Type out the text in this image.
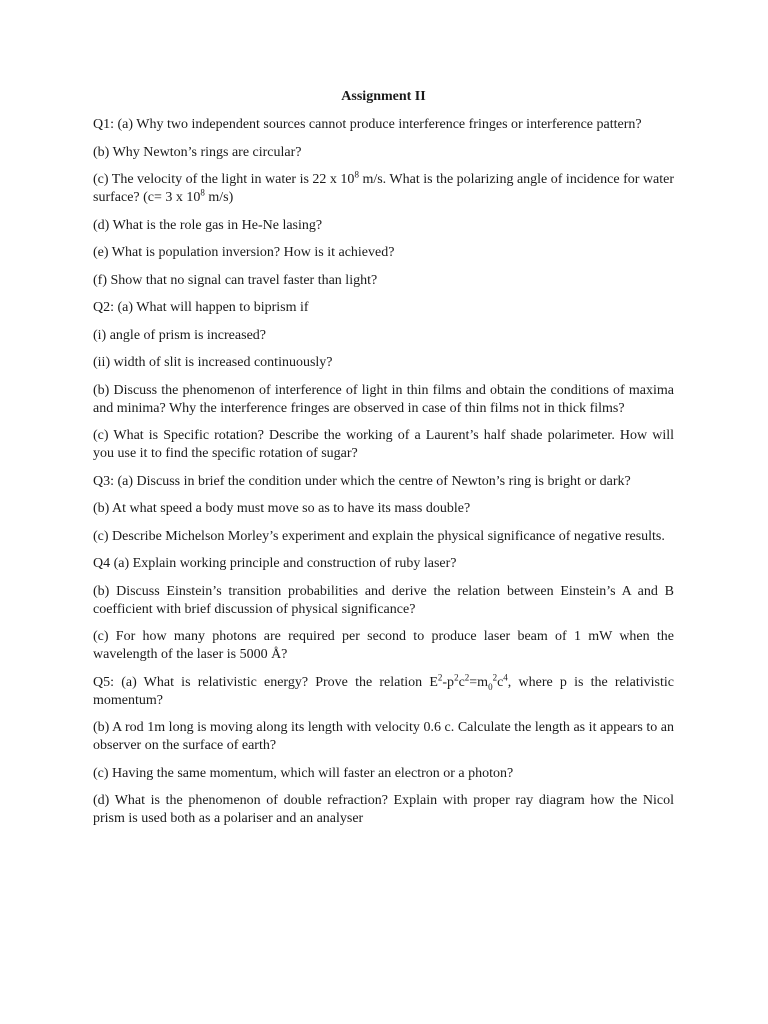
Assignment II

Q1: (a) Why two independent sources cannot produce interference fringes or interference pattern?

(b) Why Newton’s rings are circular?

(c) The velocity of the light in water is 22 x $10^8$ m/s. What is the polarizing angle of incidence for water surface? (c= 3 x $10^8$ m/s)

(d) What is the role gas in He-Ne lasing?

(e) What is population inversion? How is it achieved?

(f) Show that no signal can travel faster than light?

Q2: (a) What will happen to biprism if

(i) angle of prism is increased?

(ii) width of slit is increased continuously?

(b) Discuss the phenomenon of interference of light in thin films and obtain the conditions of maxima and minima? Why the interference fringes are observed in case of thin films not in thick films?

(c) What is Specific rotation? Describe the working of a Laurent’s half shade polarimeter. How will you use it to find the specific rotation of sugar?

Q3: (a) Discuss in brief the condition under which the centre of Newton’s ring is bright or dark?

(b) At what speed a body must move so as to have its mass double?

(c) Describe Michelson Morley’s experiment and explain the physical significance of negative results.

Q4 (a) Explain working principle and construction of ruby laser?

(b) Discuss Einstein’s transition probabilities and derive the relation between Einstein’s A and B coefficient with brief discussion of physical significance?

(c) For how many photons are required per second to produce laser beam of 1 mW when the wavelength of the laser is 5000 Å?

Q5: (a) What is relativistic energy? Prove the relation $E^2-p^2c^2=m_0^2c^4$, where p is the relativistic momentum?

(b) A rod 1m long is moving along its length with velocity 0.6 c. Calculate the length as it appears to an observer on the surface of earth?

(c) Having the same momentum, which will faster an electron or a photon?

(d) What is the phenomenon of double refraction? Explain with proper ray diagram how the Nicol prism is used both as a polariser and an analyser
